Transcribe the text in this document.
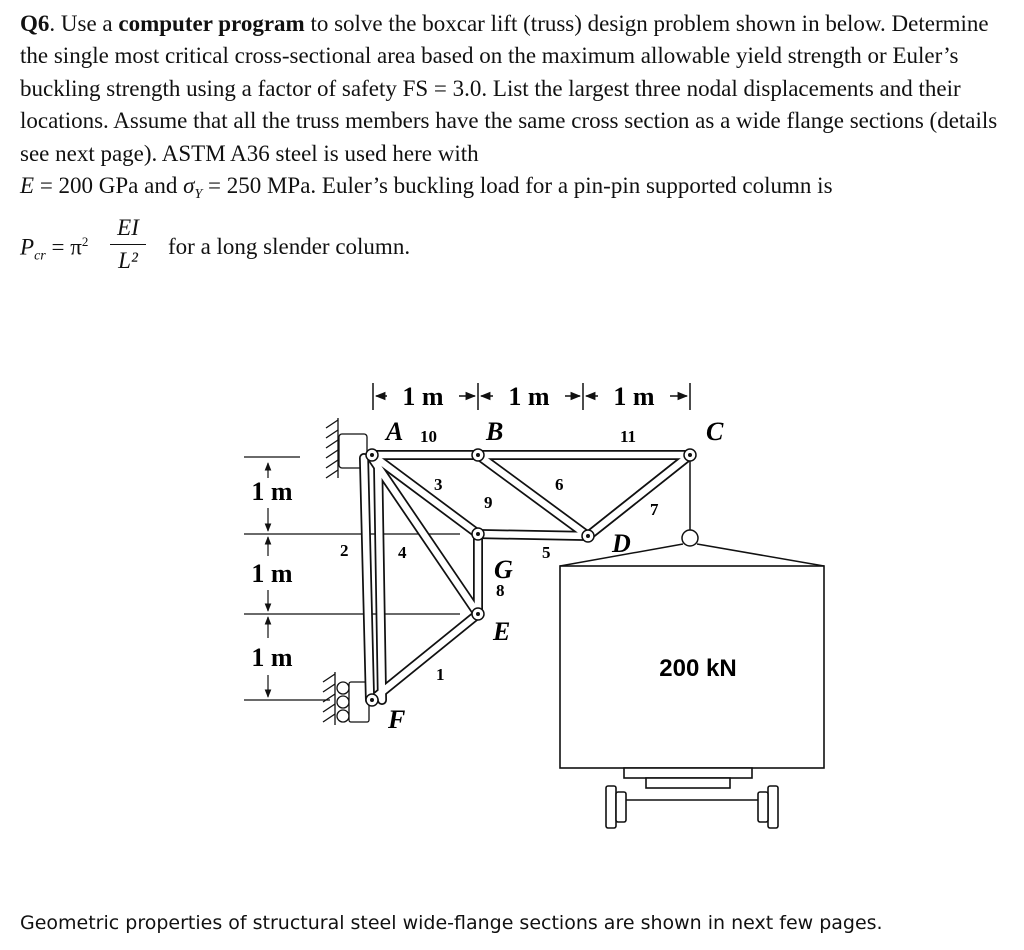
Q6. Use a computer program to solve the boxcar lift (truss) design problem shown in below. Determine the single most critical cross-sectional area based on the maximum allowable yield strength or Euler’s buckling strength using a factor of safety FS = 3.0. List the largest three nodal displacements and their locations. Assume that all the truss members have the same cross section as a wide flange sections (details see next page). ASTM A36 steel is used here with
E = 200 GPa and $\sigma_Y = 250$ MPa. Euler’s buckling load for a pin-pin supported column is

$P_{cr} = \pi^2$
EI
L²
for a long slender column.
1 m 1 m 1 m
1 m
1 m
1 m
A 10 B	11	C
D
G
E
F
1
2
3
4	5
6
7
8
9
200 kN
Geometric properties of structural steel wide-flange sections are shown in next few pages.
